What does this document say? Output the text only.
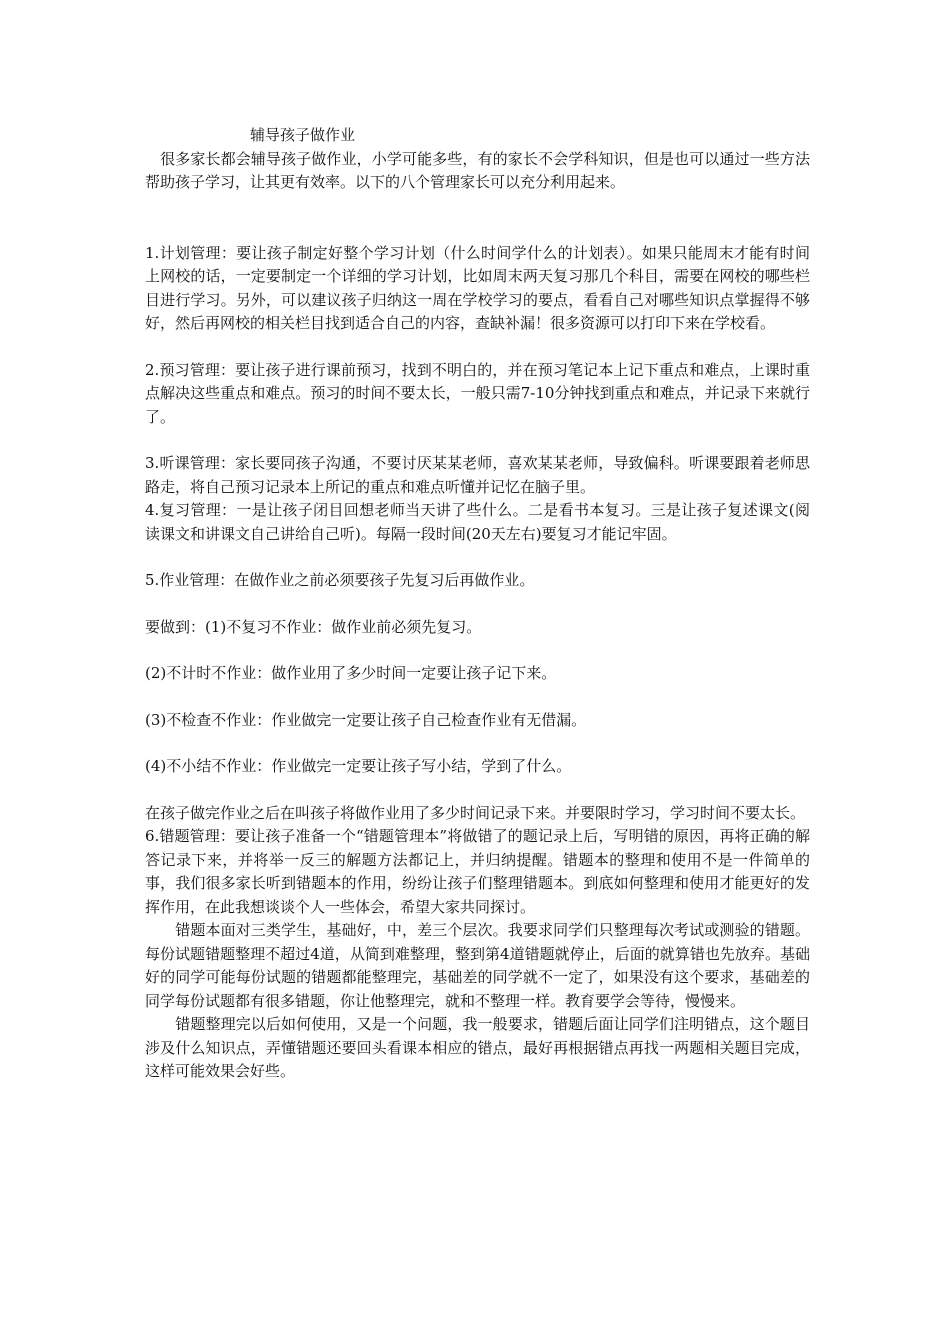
辅导孩子做作业

　很多家长都会辅导孩子做作业，小学可能多些，有的家长不会学科知识，但是也可以通过一些方法帮助孩子学习，让其更有效率。以下的八个管理家长可以充分利用起来。

1.计划管理：要让孩子制定好整个学习计划（什么时间学什么的计划表）。如果只能周末才能有时间上网校的话，一定要制定一个详细的学习计划，比如周末两天复习那几个科目，需要在网校的哪些栏目进行学习。另外，可以建议孩子归纳这一周在学校学习的要点，看看自己对哪些知识点掌握得不够好，然后再网校的相关栏目找到适合自己的内容，查缺补漏！很多资源可以打印下来在学校看。

2.预习管理：要让孩子进行课前预习，找到不明白的，并在预习笔记本上记下重点和难点，上课时重点解决这些重点和难点。预习的时间不要太长，一般只需7-10分钟找到重点和难点，并记录下来就行了。

3.听课管理：家长要同孩子沟通，不要讨厌某某老师，喜欢某某老师，导致偏科。听课要跟着老师思路走，将自己预习记录本上所记的重点和难点听懂并记忆在脑子里。

4.复习管理：一是让孩子闭目回想老师当天讲了些什么。二是看书本复习。三是让孩子复述课文(阅读课文和讲课文自己讲给自己听)。每隔一段时间(20天左右)要复习才能记牢固。

5.作业管理：在做作业之前必须要孩子先复习后再做作业。

要做到：(1)不复习不作业：做作业前必须先复习。

(2)不计时不作业：做作业用了多少时间一定要让孩子记下来。

(3)不检查不作业：作业做完一定要让孩子自己检查作业有无借漏。

(4)不小结不作业：作业做完一定要让孩子写小结，学到了什么。

在孩子做完作业之后在叫孩子将做作业用了多少时间记录下来。并要限时学习，学习时间不要太长。

6.错题管理：要让孩子准备一个“错题管理本”将做错了的题记录上后，写明错的原因，再将正确的解答记录下来，并将举一反三的解题方法都记上，并归纳提醒。错题本的整理和使用不是一件简单的事，我们很多家长听到错题本的作用，纷纷让孩子们整理错题本。到底如何整理和使用才能更好的发挥作用，在此我想谈谈个人一些体会，希望大家共同探讨。

　　错题本面对三类学生，基础好，中，差三个层次。我要求同学们只整理每次考试或测验的错题。每份试题错题整理不超过4道，从简到难整理，整到第4道错题就停止，后面的就算错也先放弃。基础好的同学可能每份试题的错题都能整理完，基础差的同学就不一定了，如果没有这个要求，基础差的同学每份试题都有很多错题，你让他整理完，就和不整理一样。教育要学会等待，慢慢来。

　　错题整理完以后如何使用，又是一个问题，我一般要求，错题后面让同学们注明错点，这个题目涉及什么知识点，弄懂错题还要回头看课本相应的错点，最好再根据错点再找一两题相关题目完成，这样可能效果会好些。
